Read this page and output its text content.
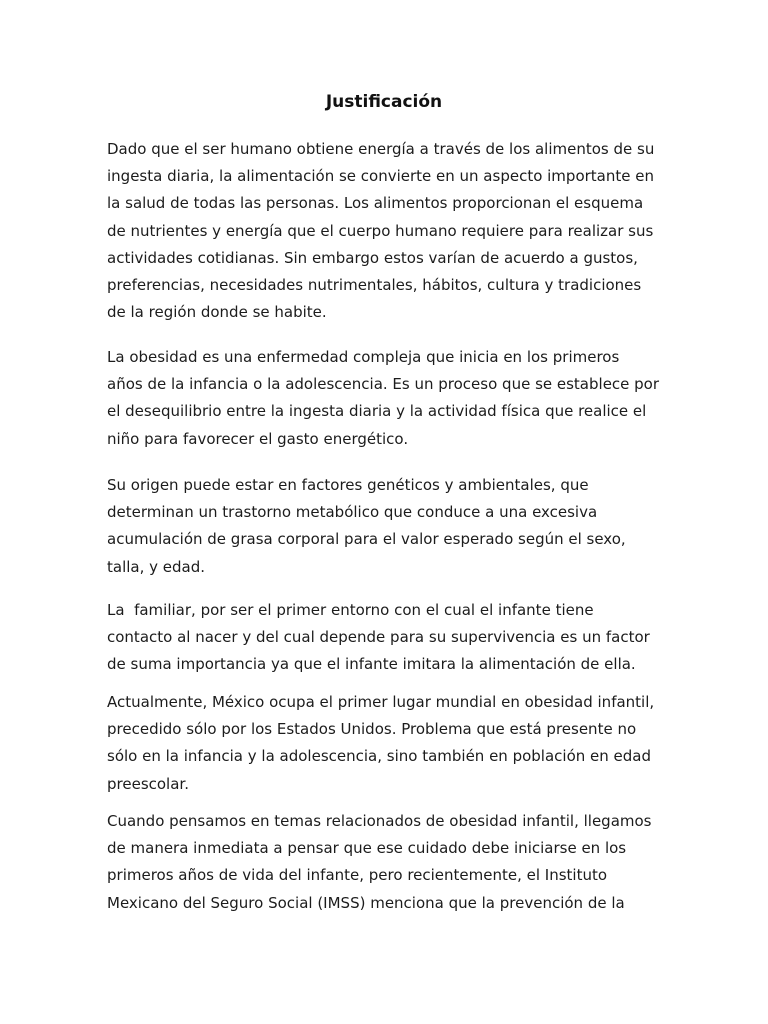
Justificación
Dado que el ser humano obtiene energía a través de los alimentos de su
ingesta diaria, la alimentación se convierte en un aspecto importante en
la salud de todas las personas. Los alimentos proporcionan el esquema
de nutrientes y energía que el cuerpo humano requiere para realizar sus
actividades cotidianas. Sin embargo estos varían de acuerdo a gustos,
preferencias, necesidades nutrimentales, hábitos, cultura y tradiciones
de la región donde se habite.
La obesidad es una enfermedad compleja que inicia en los primeros
años de la infancia o la adolescencia. Es un proceso que se establece por
el desequilibrio entre la ingesta diaria y la actividad física que realice el
niño para favorecer el gasto energético.
Su origen puede estar en factores genéticos y ambientales, que
determinan un trastorno metabólico que conduce a una excesiva
acumulación de grasa corporal para el valor esperado según el sexo,
talla, y edad.
La  familiar, por ser el primer entorno con el cual el infante tiene
contacto al nacer y del cual depende para su supervivencia es un factor
de suma importancia ya que el infante imitara la alimentación de ella.
Actualmente, México ocupa el primer lugar mundial en obesidad infantil,
precedido sólo por los Estados Unidos. Problema que está presente no
sólo en la infancia y la adolescencia, sino también en población en edad
preescolar.
Cuando pensamos en temas relacionados de obesidad infantil, llegamos
de manera inmediata a pensar que ese cuidado debe iniciarse en los
primeros años de vida del infante, pero recientemente, el Instituto
Mexicano del Seguro Social (IMSS) menciona que la prevención de la
